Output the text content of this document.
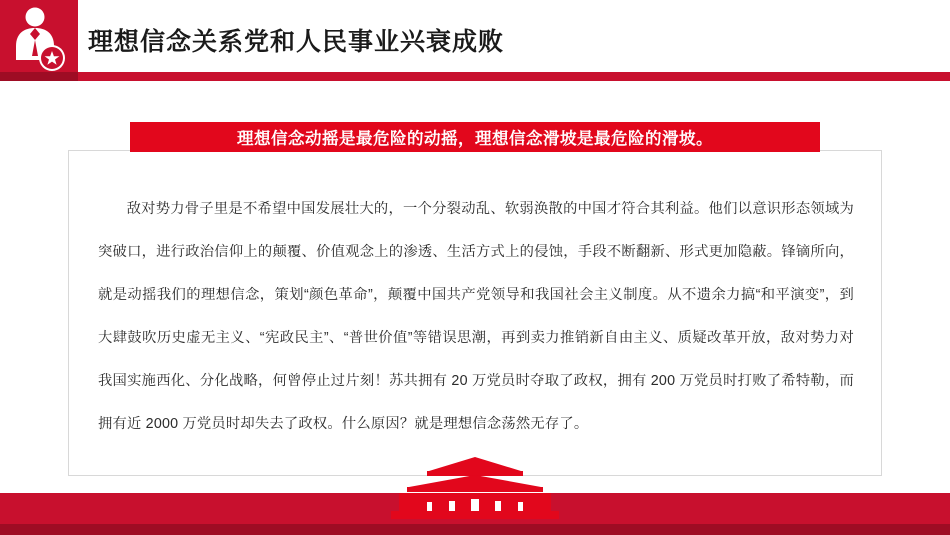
理想信念关系党和人民事业兴衰成败
理想信念动摇是最危险的动摇，理想信念滑坡是最危险的滑坡。
敌对势力骨子里是不希望中国发展壮大的，一个分裂动乱、软弱涣散的中国才符合其利益。他们以意识形态领域为突破口，进行政治信仰上的颠覆、价值观念上的渗透、生活方式上的侵蚀，手段不断翻新、形式更加隐蔽。锋镝所向，就是动摇我们的理想信念，策划“颜色革命”，颠覆中国共产党领导和我国社会主义制度。从不遗余力搞“和平演变”，到大肆鼓吹历史虚无主义、“宪政民主”、“普世价值”等错误思潮，再到卖力推销新自由主义、质疑改革开放，敌对势力对我国实施西化、分化战略，何曾停止过片刻！苏共拥有 20 万党员时夺取了政权，拥有 200 万党员时打败了希特勒，而拥有近 2000 万党员时却失去了政权。什么原因？就是理想信念荡然无存了。
